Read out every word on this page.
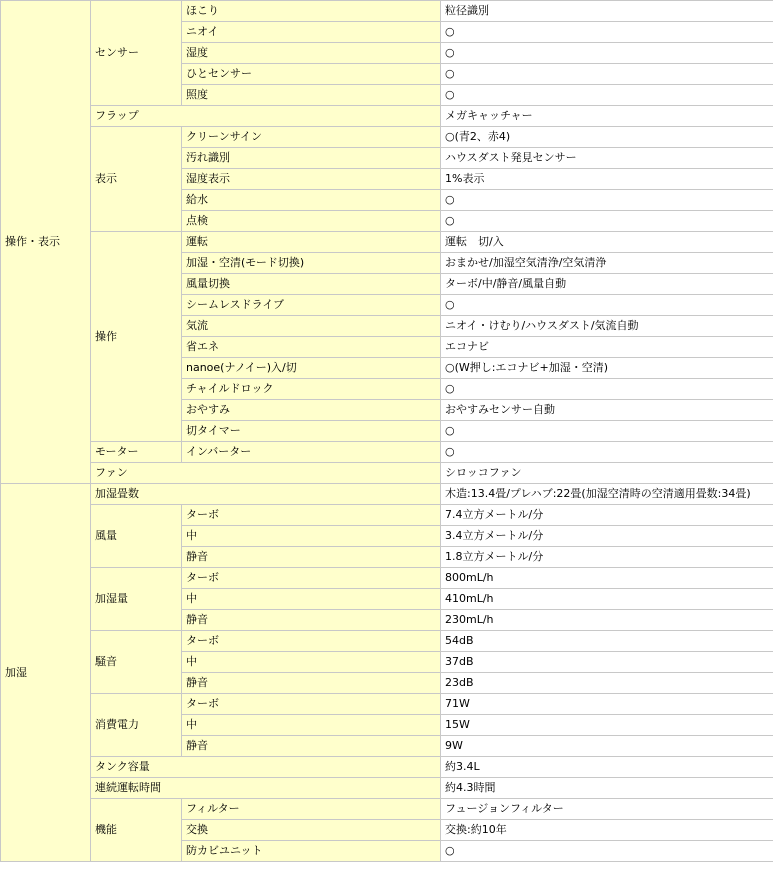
操作・表示	センサー	ほこり	粒径識別
		ニオイ	○
		湿度	○
		ひとセンサー	○
		照度	○
	フラップ		メガキャッチャー
	表示	クリーンサイン	○(青2、赤4)
		汚れ識別	ハウスダスト発見センサー
		湿度表示	1%表示
		給水	○
		点検	○
	操作	運転	運転　切/入
		加湿・空清(モード切換)	おまかせ/加湿空気清浄/空気清浄
		風量切換	ターボ/中/静音/風量自動
		シームレスドライブ	○
		気流	ニオイ・けむり/ハウスダスト/気流自動
		省エネ	エコナビ
		nanoe(ナノイー)入/切	○(W押し:エコナビ+加湿・空清)
		チャイルドロック	○
		おやすみ	おやすみセンサー自動
		切タイマー	○
	モーター	インバーター	○
	ファン		シロッコファン
加湿	加湿畳数		木造:13.4畳/プレハブ:22畳(加湿空清時の空清適用畳数:34畳)
	風量	ターボ	7.4立方メートル/分
		中	3.4立方メートル/分
		静音	1.8立方メートル/分
	加湿量	ターボ	800mL/h
		中	410mL/h
		静音	230mL/h
	騒音	ターボ	54dB
		中	37dB
		静音	23dB
	消費電力	ターボ	71W
		中	15W
		静音	9W
	タンク容量		約3.4L
	連続運転時間		約4.3時間
	機能	フィルター	フュージョンフィルター
		交換	交換:約10年
		防カビユニット	○
